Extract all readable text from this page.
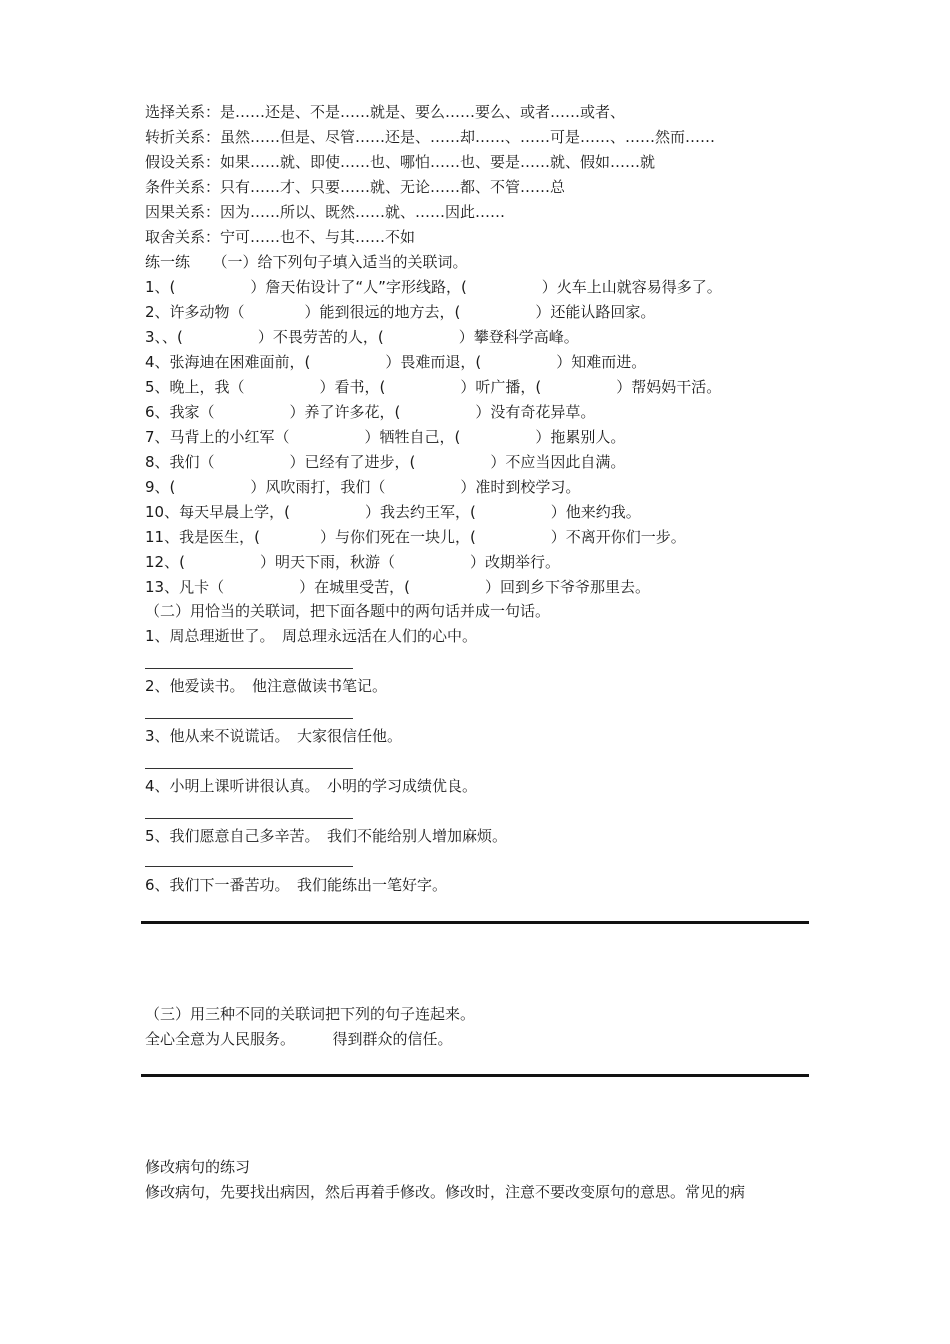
选择关系：是……还是、不是……就是、要么……要么、或者……或者、
转折关系：虽然……但是、尽管……还是、……却……、……可是……、……然而……
假设关系：如果……就、即使……也、哪怕……也、要是……就、假如……就
条件关系：只有……才、只要……就、无论……都、不管……总
因果关系：因为……所以、既然……就、……因此……
取舍关系：宁可……也不、与其……不如
练一练　　（一）给下列句子填入适当的关联词。
1、(　　　　　）詹天佑设计了“人”字形线路，(　　　　　）火车上山就容易得多了。
2、许多动物（　　　　）能到很远的地方去，(　　　　　）还能认路回家。
3、、(　　　　　）不畏劳苦的人，(　　　　　）攀登科学高峰。
4、张海迪在困难面前，(　　　　　）畏难而退，(　　　　　）知难而进。
5、晚上，我（　　　　　）看书，(　　　　　）听广播，(　　　　　）帮妈妈干活。
6、我家（　　　　　）养了许多花，(　　　　　）没有奇花异草。
7、马背上的小红军（　　　　　）牺牲自己，(　　　　　）拖累别人。
8、我们（　　　　　）已经有了进步，(　　　　　）不应当因此自满。
9、(　　　　　）风吹雨打，我们（　　　　　）准时到校学习。
10、每天早晨上学，(　　　　　）我去约王军，(　　　　　）他来约我。
11、我是医生，(　　　　）与你们死在一块儿，(　　　　　）不离开你们一步。
12、(　　　　　）明天下雨，秋游（　　　　　）改期举行。
13、凡卡（　　　　　）在城里受苦，(　　　　　）回到乡下爷爷那里去。
（二）用恰当的关联词，把下面各题中的两句话并成一句话。
1、周总理逝世了。　周总理永远活在人们的心中。
2、他爱读书。　他注意做读书笔记。
3、他从来不说谎话。　大家很信任他。
4、小明上课听讲很认真。　小明的学习成绩优良。
5、我们愿意自己多辛苦。　我们不能给别人增加麻烦。
6、我们下一番苦功。　我们能练出一笔好字。
（三）用三种不同的关联词把下列的句子连起来。
全心全意为人民服务。　　　得到群众的信任。
修改病句的练习
修改病句，先要找出病因，然后再着手修改。修改时，注意不要改变原句的意思。常见的病
